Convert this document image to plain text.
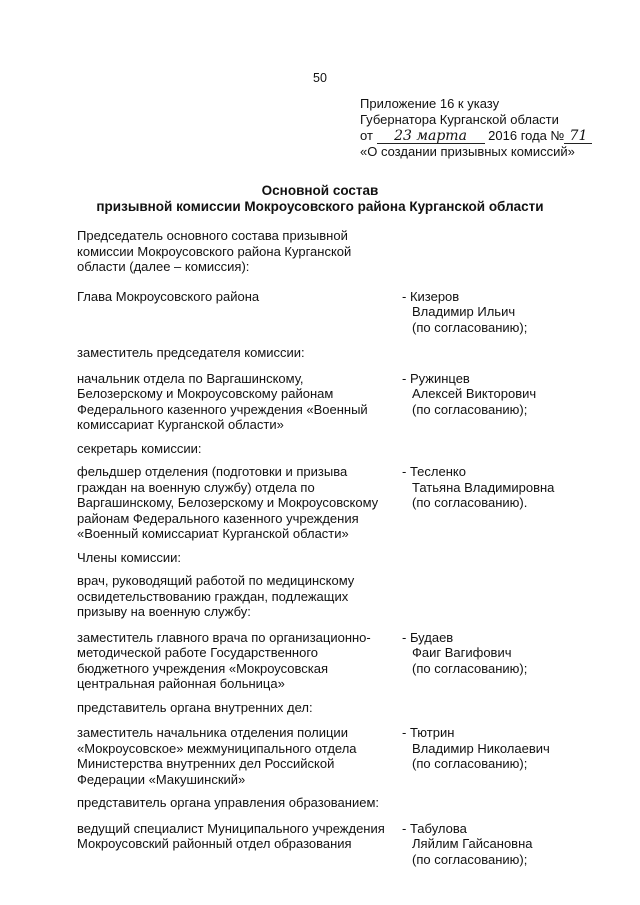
50
Приложение 16 к указу
Губернатора Курганской области
от 23 марта 2016 года № 71
«О создании призывных комиссий»
Основной состав
призывной комиссии Мокроусовского района Курганской области
Председатель основного состава призывной комиссии Мокроусовского района Курганской области (далее – комиссия):
Глава Мокроусовского района	- Кизеров
Владимир Ильич
(по согласованию);
заместитель председателя комиссии:
начальник отдела по Варгашинскому, Белозерскому и Мокроусовскому районам Федерального казенного учреждения «Военный комиссариат Курганской области»
- Ружинцев
Алексей Викторович
(по согласованию);
секретарь комиссии:
фельдшер отделения (подготовки и призыва граждан на военную службу) отдела по Варгашинскому, Белозерскому и Мокроусовскому районам Федерального казенного учреждения «Военный комиссариат Курганской области»
- Тесленко
Татьяна Владимировна
(по согласованию).
Члены комиссии:
врач, руководящий работой по медицинскому освидетельствованию граждан, подлежащих призыву на военную службу:
заместитель главного врача по организационно-методической работе Государственного бюджетного учреждения «Мокроусовская центральная районная больница»
- Будаев
Фаиг Вагифович
(по согласованию);
представитель органа внутренних дел:
заместитель начальника отделения полиции «Мокроусовское» межмуниципального отдела Министерства внутренних дел Российской Федерации «Макушинский»
- Тютрин
Владимир Николаевич
(по согласованию);
представитель органа управления образованием:
ведущий специалист Муниципального учреждения Мокроусовский районный отдел образования
- Табулова
Ляйлим Гайсановна
(по согласованию);
